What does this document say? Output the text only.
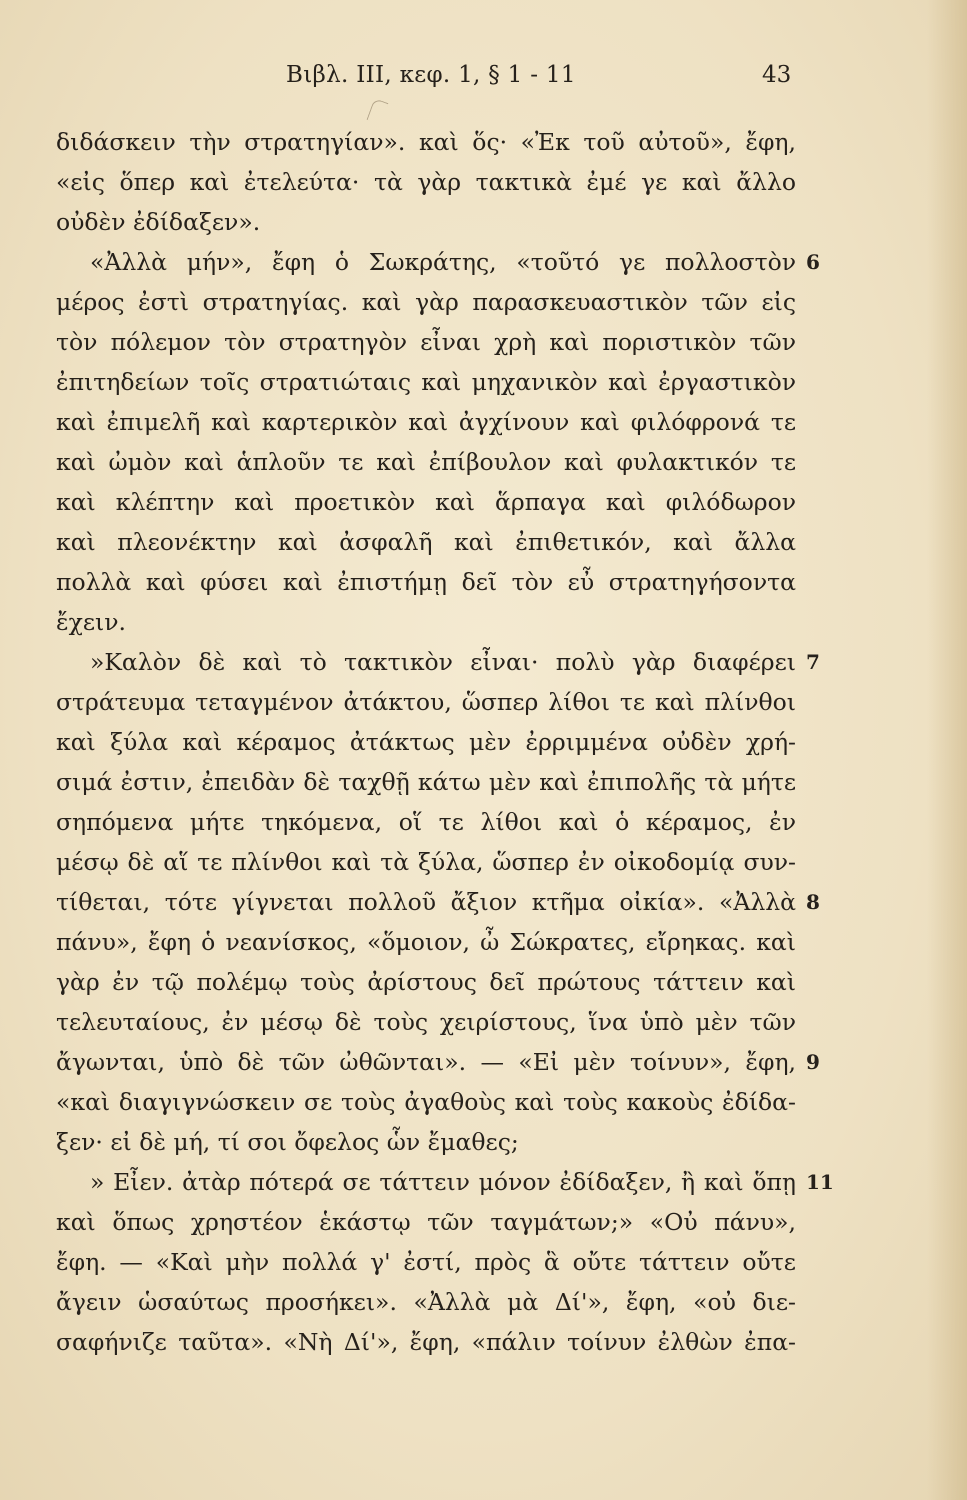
Βιβλ. III, κεφ. 1, § 1 - 11	43
διδάσκειν τὴν στρατηγίαν». καὶ ὅς· «Ἐκ τοῦ αὐτοῦ», ἔφη,
«εἰς ὅπερ καὶ ἐτελεύτα· τὰ γὰρ τακτικὰ ἐμέ γε καὶ ἄλλο
οὐδὲν ἐδίδαξεν».
«Ἀλλὰ μήν», ἔφη ὁ Σωκράτης, «τοῦτό γε πολλοστὸν 6
μέρος ἐστὶ στρατηγίας. καὶ γὰρ παρασκευαστικὸν τῶν εἰς
τὸν πόλεμον τὸν στρατηγὸν εἶναι χρὴ καὶ ποριστικὸν τῶν
ἐπιτηδείων τοῖς στρατιώταις καὶ μηχανικὸν καὶ ἐργαστικὸν
καὶ ἐπιμελῆ καὶ καρτερικὸν καὶ ἀγχίνουν καὶ φιλόφρονά τε
καὶ ὠμὸν καὶ ἁπλοῦν τε καὶ ἐπίβουλον καὶ φυλακτικόν τε
καὶ κλέπτην καὶ προετικὸν καὶ ἅρπαγα καὶ φιλόδωρον
καὶ πλεονέκτην καὶ ἀσφαλῆ καὶ ἐπιθετικόν, καὶ ἄλλα
πολλὰ καὶ φύσει καὶ ἐπιστήμῃ δεῖ τὸν εὖ στρατηγήσοντα
ἔχειν.
»Καλὸν δὲ καὶ τὸ τακτικὸν εἶναι· πολὺ γὰρ διαφέρει 7
στράτευμα τεταγμένον ἀτάκτου, ὥσπερ λίθοι τε καὶ πλίνθοι
καὶ ξύλα καὶ κέραμος ἀτάκτως μὲν ἐρριμμένα οὐδὲν χρή-
σιμά ἐστιν, ἐπειδὰν δὲ ταχθῇ κάτω μὲν καὶ ἐπιπολῆς τὰ μήτε
σηπόμενα μήτε τηκόμενα, οἵ τε λίθοι καὶ ὁ κέραμος, ἐν
μέσῳ δὲ αἵ τε πλίνθοι καὶ τὰ ξύλα, ὥσπερ ἐν οἰκοδομίᾳ συν-
τίθεται, τότε γίγνεται πολλοῦ ἄξιον κτῆμα οἰκία». «Ἀλλὰ 8
πάνυ», ἔφη ὁ νεανίσκος, «ὅμοιον, ὦ Σώκρατες, εἴρηκας. καὶ
γὰρ ἐν τῷ πολέμῳ τοὺς ἀρίστους δεῖ πρώτους τάττειν καὶ
τελευταίους, ἐν μέσῳ δὲ τοὺς χειρίστους, ἵνα ὑπὸ μὲν τῶν
ἄγωνται, ὑπὸ δὲ τῶν ὠθῶνται». — «Εἰ μὲν τοίνυν», ἔφη, 9
«καὶ διαγιγνώσκειν σε τοὺς ἀγαθοὺς καὶ τοὺς κακοὺς ἐδίδα-
ξεν· εἰ δὲ μή, τί σοι ὄφελος ὧν ἔμαθες;
» Εἶεν. ἀτὰρ πότερά σε τάττειν μόνον ἐδίδαξεν, ἢ καὶ ὅπῃ 11
καὶ ὅπως χρηστέον ἑκάστῳ τῶν ταγμάτων;» «Οὐ πάνυ»,
ἔφη. — «Καὶ μὴν πολλά γ' ἐστί, πρὸς ἃ οὔτε τάττειν οὔτε
ἄγειν ὡσαύτως προσήκει». «Ἀλλὰ μὰ Δί'», ἔφη, «οὐ διε-
σαφήνιζε ταῦτα». «Νὴ Δί'», ἔφη, «πάλιν τοίνυν ἐλθὼν ἐπα-
